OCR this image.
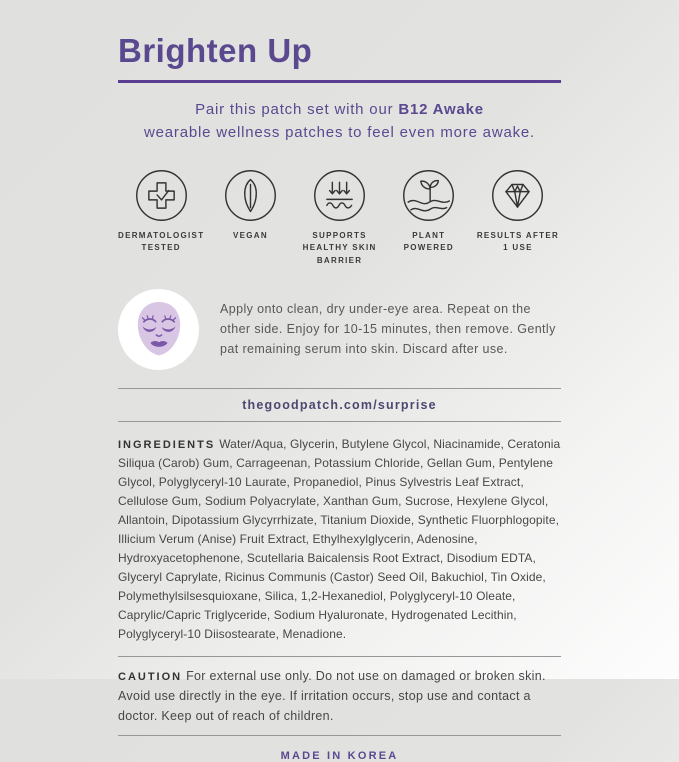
Brighten Up
Pair this patch set with our B12 Awake
wearable wellness patches to feel even more awake.
DERMATOLOGIST TESTED
VEGAN	SUPPORTS HEALTHY SKIN BARRIER
PLANT POWERED
RESULTS AFTER 1 USE
Apply onto clean, dry under-eye area. Repeat on the other side. Enjoy for 10-15 minutes, then remove. Gently pat remaining serum into skin. Discard after use.
thegoodpatch.com/surprise

INGREDIENTS Water/Aqua, Glycerin, Butylene Glycol, Niacinamide, Ceratonia Siliqua (Carob) Gum, Carrageenan, Potassium Chloride, Gellan Gum, Pentylene Glycol, Polyglyceryl-10 Laurate, Propanediol, Pinus Sylvestris Leaf Extract, Cellulose Gum, Sodium Polyacrylate, Xanthan Gum, Sucrose, Hexylene Glycol, Allantoin, Dipotassium Glycyrrhizate, Titanium Dioxide, Synthetic Fluorphlogopite, Illicium Verum (Anise) Fruit Extract, Ethylhexylglycerin, Adenosine, Hydroxyacetophenone, Scutellaria Baicalensis Root Extract, Disodium EDTA, Glyceryl Caprylate, Ricinus Communis (Castor) Seed Oil, Bakuchiol, Tin Oxide, Polymethylsilsesquioxane, Silica, 1,2-Hexanediol, Polyglyceryl-10 Oleate, Caprylic/Capric Triglyceride, Sodium Hyaluronate, Hydrogenated Lecithin, Polyglyceryl-10 Diisostearate, Menadione.

CAUTION For external use only. Do not use on damaged or broken skin. Avoid use directly in the eye. If irritation occurs, stop use and contact a doctor. Keep out of reach of children.

MADE IN KOREA
